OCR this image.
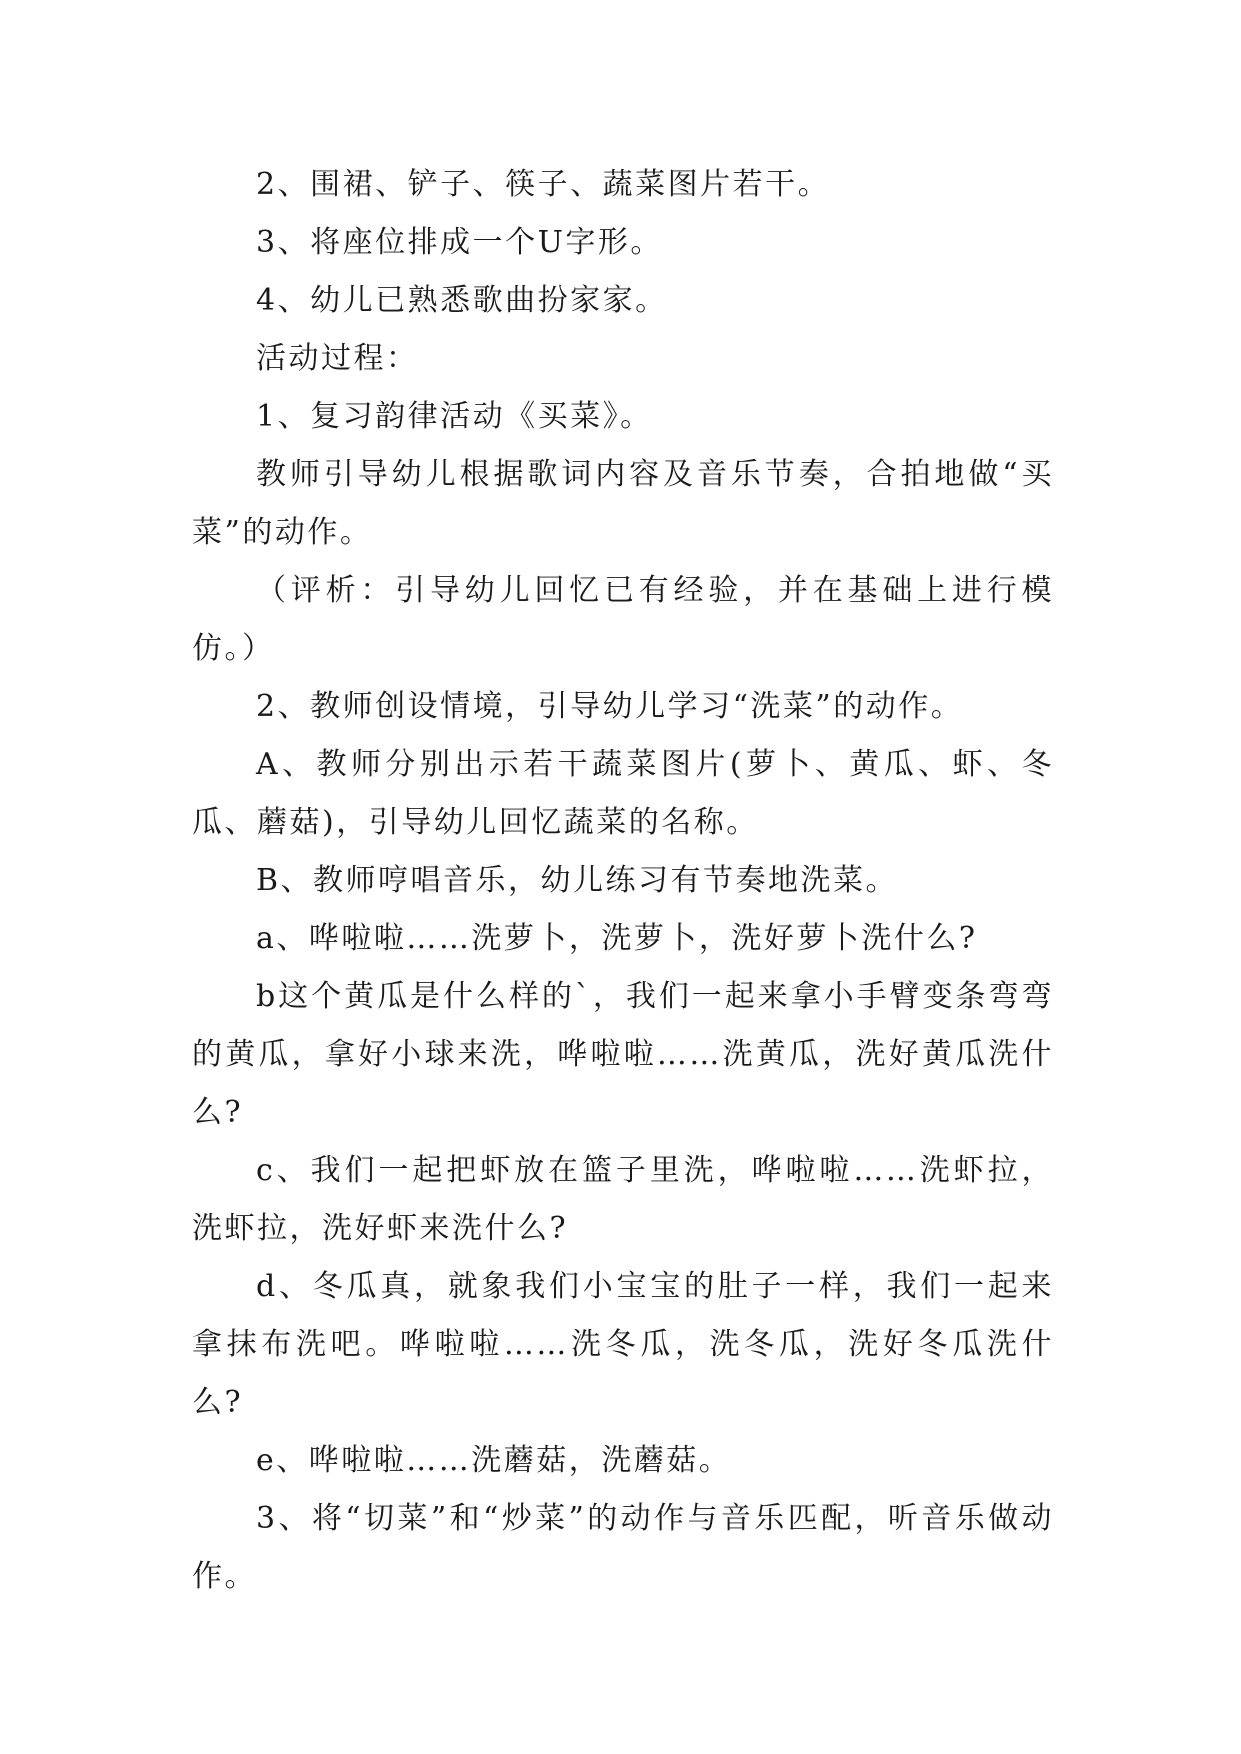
2、围裙、铲子、筷子、蔬菜图片若干。

3、将座位排成一个U字形。

4、幼儿已熟悉歌曲扮家家。

活动过程：

1、复习韵律活动《买菜》。

教师引导幼儿根据歌词内容及音乐节奏，合拍地做“买菜”的动作。

（评析：引导幼儿回忆已有经验，并在基础上进行模仿。）

2、教师创设情境，引导幼儿学习“洗菜”的动作。

A、教师分别出示若干蔬菜图片(萝卜、黄瓜、虾、冬瓜、蘑菇)，引导幼儿回忆蔬菜的名称。

B、教师哼唱音乐，幼儿练习有节奏地洗菜。

a、哗啦啦……洗萝卜，洗萝卜，洗好萝卜洗什么?

b这个黄瓜是什么样的`，我们一起来拿小手臂变条弯弯的黄瓜，拿好小球来洗，哗啦啦……洗黄瓜，洗好黄瓜洗什么?

c、我们一起把虾放在篮子里洗，哗啦啦……洗虾拉，洗虾拉，洗好虾来洗什么?

d、冬瓜真，就象我们小宝宝的肚子一样，我们一起来拿抹布洗吧。哗啦啦……洗冬瓜，洗冬瓜，洗好冬瓜洗什么?

e、哗啦啦……洗蘑菇，洗蘑菇。

3、将“切菜”和“炒菜”的动作与音乐匹配，听音乐做动作。
